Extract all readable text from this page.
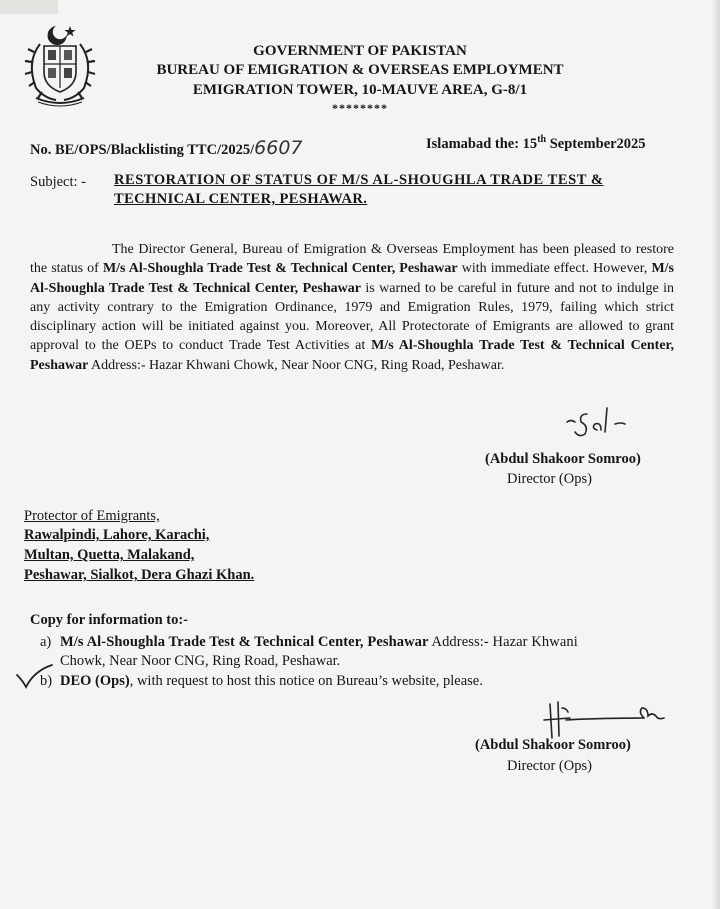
GOVERNMENT OF PAKISTAN
BUREAU OF EMIGRATION & OVERSEAS EMPLOYMENT
EMIGRATION TOWER, 10-MAUVE AREA, G-8/1
********
No. BE/OPS/Blacklisting TTC/2025/6607	Islamabad the: 15th September2025
Subject: - RESTORATION OF STATUS OF M/S AL-SHOUGHLA TRADE TEST &
TECHNICAL CENTER, PESHAWAR.
The Director General, Bureau of Emigration & Overseas Employment has been pleased to restore the status of M/s Al-Shoughla Trade Test & Technical Center, Peshawar with immediate effect. However, M/s Al-Shoughla Trade Test & Technical Center, Peshawar is warned to be careful in future and not to indulge in any activity contrary to the Emigration Ordinance, 1979 and Emigration Rules, 1979, failing which strict disciplinary action will be initiated against you. Moreover, All Protectorate of Emigrants are allowed to grant approval to the OEPs to conduct Trade Test Activities at M/s Al-Shoughla Trade Test & Technical Center, Peshawar Address:- Hazar Khwani Chowk, Near Noor CNG, Ring Road, Peshawar.
(Abdul Shakoor Somroo)
Director (Ops)
Protector of Emigrants,
Rawalpindi, Lahore, Karachi,
Multan, Quetta, Malakand,
Peshawar, Sialkot, Dera Ghazi Khan.
Copy for information to:-
a) M/s Al-Shoughla Trade Test & Technical Center, Peshawar Address:- Hazar Khwani
Chowk, Near Noor CNG, Ring Road, Peshawar.
b) DEO (Ops), with request to host this notice on Bureau’s website, please.
(Abdul Shakoor Somroo)
Director (Ops)
